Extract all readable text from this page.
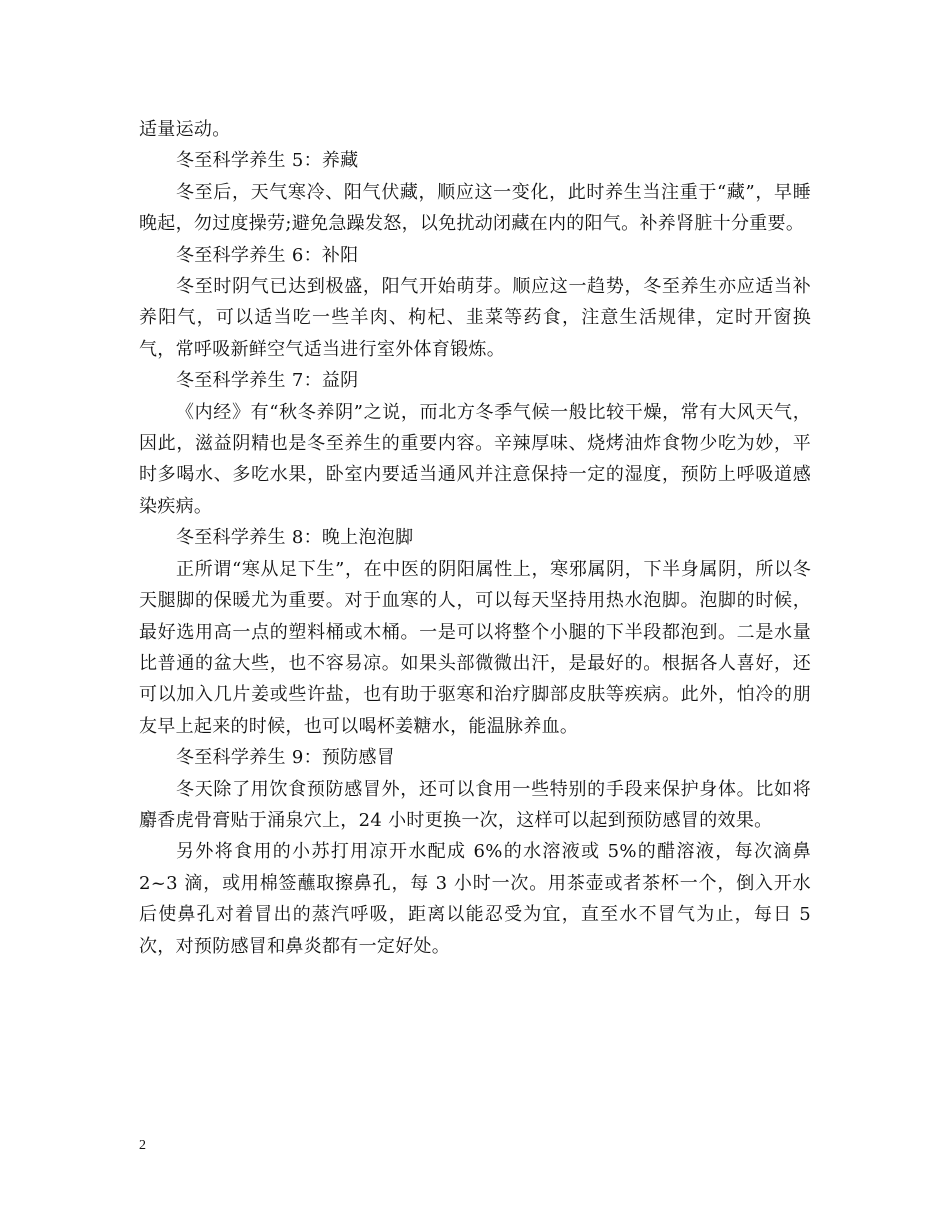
适量运动。

冬至科学养生 5：养藏

冬至后，天气寒冷、阳气伏藏，顺应这一变化，此时养生当注重于“藏”，早睡晚起，勿过度操劳;避免急躁发怒，以免扰动闭藏在内的阳气。补养肾脏十分重要。

冬至科学养生 6：补阳

冬至时阴气已达到极盛，阳气开始萌芽。顺应这一趋势，冬至养生亦应适当补养阳气，可以适当吃一些羊肉、枸杞、韭菜等药食，注意生活规律，定时开窗换气，常呼吸新鲜空气适当进行室外体育锻炼。

冬至科学养生 7：益阴

《内经》有“秋冬养阴”之说，而北方冬季气候一般比较干燥，常有大风天气，因此，滋益阴精也是冬至养生的重要内容。辛辣厚味、烧烤油炸食物少吃为妙，平时多喝水、多吃水果，卧室内要适当通风并注意保持一定的湿度，预防上呼吸道感染疾病。

冬至科学养生 8：晚上泡泡脚

正所谓“寒从足下生”，在中医的阴阳属性上，寒邪属阴，下半身属阴，所以冬天腿脚的保暖尤为重要。对于血寒的人，可以每天坚持用热水泡脚。泡脚的时候，最好选用高一点的塑料桶或木桶。一是可以将整个小腿的下半段都泡到。二是水量比普通的盆大些，也不容易凉。如果头部微微出汗，是最好的。根据各人喜好，还可以加入几片姜或些许盐，也有助于驱寒和治疗脚部皮肤等疾病。此外，怕冷的朋友早上起来的时候，也可以喝杯姜糖水，能温脉养血。

冬至科学养生 9：预防感冒

冬天除了用饮食预防感冒外，还可以食用一些特别的手段来保护身体。比如将麝香虎骨膏贴于涌泉穴上，24 小时更换一次，这样可以起到预防感冒的效果。

另外将食用的小苏打用凉开水配成 6%的水溶液或 5%的醋溶液，每次滴鼻 2~3 滴，或用棉签蘸取擦鼻孔，每 3 小时一次。用茶壶或者茶杯一个，倒入开水后使鼻孔对着冒出的蒸汽呼吸，距离以能忍受为宜，直至水不冒气为止，每日 5 次，对预防感冒和鼻炎都有一定好处。

2
